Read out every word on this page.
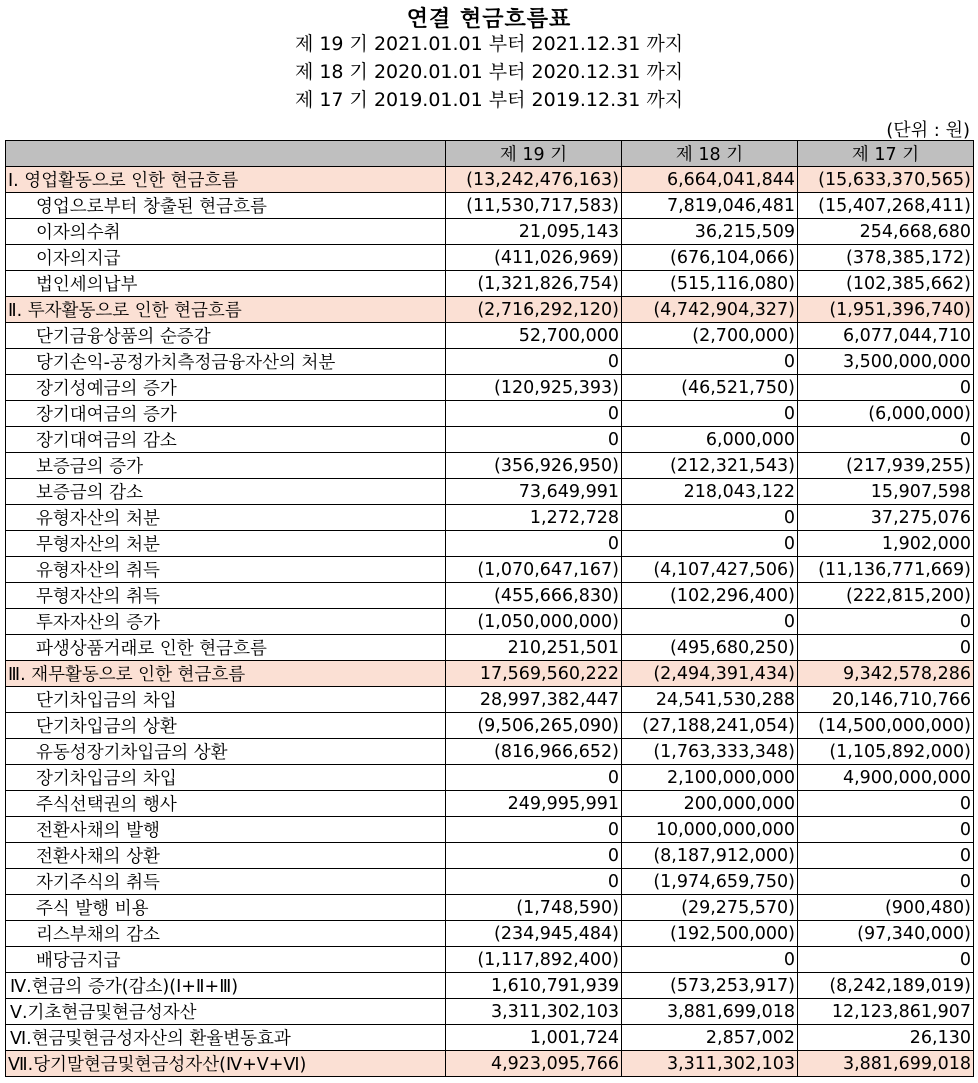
연결 현금흐름표
제 19 기 2021.01.01 부터 2021.12.31 까지
제 18 기 2020.01.01 부터 2020.12.31 까지
제 17 기 2019.01.01 부터 2019.12.31 까지
(단위 : 원)
	제 19 기	제 18 기	제 17 기
Ⅰ. 영업활동으로 인한 현금흐름	(13,242,476,163)	6,664,041,844	(15,633,370,565)
영업으로부터 창출된 현금흐름	(11,530,717,583)	7,819,046,481	(15,407,268,411)
이자의수취	21,095,143	36,215,509	254,668,680
이자의지급	(411,026,969)	(676,104,066)	(378,385,172)
법인세의납부	(1,321,826,754)	(515,116,080)	(102,385,662)
Ⅱ. 투자활동으로 인한 현금흐름	(2,716,292,120)	(4,742,904,327)	(1,951,396,740)
단기금융상품의 순증감	52,700,000	(2,700,000)	6,077,044,710
당기손익-공정가치측정금융자산의 처분	0	0	3,500,000,000
장기성예금의 증가	(120,925,393)	(46,521,750)	0
장기대여금의 증가	0	0	(6,000,000)
장기대여금의 감소	0	6,000,000	0
보증금의 증가	(356,926,950)	(212,321,543)	(217,939,255)
보증금의 감소	73,649,991	218,043,122	15,907,598
유형자산의 처분	1,272,728	0	37,275,076
무형자산의 처분	0	0	1,902,000
유형자산의 취득	(1,070,647,167)	(4,107,427,506)	(11,136,771,669)
무형자산의 취득	(455,666,830)	(102,296,400)	(222,815,200)
투자자산의 증가	(1,050,000,000)	0	0
파생상품거래로 인한 현금흐름	210,251,501	(495,680,250)	0
Ⅲ. 재무활동으로 인한 현금흐름	17,569,560,222	(2,494,391,434)	9,342,578,286
단기차입금의 차입	28,997,382,447	24,541,530,288	20,146,710,766
단기차입금의 상환	(9,506,265,090)	(27,188,241,054)	(14,500,000,000)
유동성장기차입금의 상환	(816,966,652)	(1,763,333,348)	(1,105,892,000)
장기차입금의 차입	0	2,100,000,000	4,900,000,000
주식선택권의 행사	249,995,991	200,000,000	0
전환사채의 발행	0	10,000,000,000	0
전환사채의 상환	0	(8,187,912,000)	0
자기주식의 취득	0	(1,974,659,750)	0
주식 발행 비용	(1,748,590)	(29,275,570)	(900,480)
리스부채의 감소	(234,945,484)	(192,500,000)	(97,340,000)
배당금지급	(1,117,892,400)	0	0
Ⅳ.현금의 증가(감소)(Ⅰ+Ⅱ+Ⅲ)	1,610,791,939	(573,253,917)	(8,242,189,019)
Ⅴ.기초현금및현금성자산	3,311,302,103	3,881,699,018	12,123,861,907
Ⅵ.현금및현금성자산의 환율변동효과	1,001,724	2,857,002	26,130
Ⅶ.당기말현금및현금성자산(Ⅳ+Ⅴ+Ⅵ)	4,923,095,766	3,311,302,103	3,881,699,018
